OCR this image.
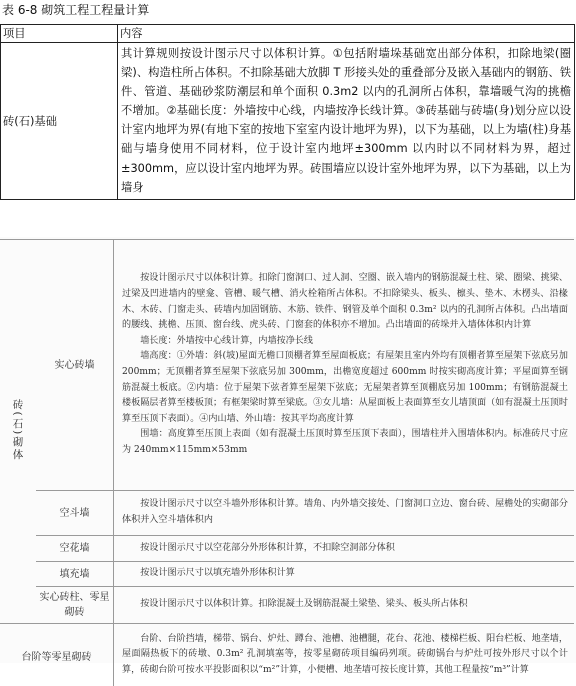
表 6-8 砌筑工程工程量计算
项目	内容
砖(石)基础	其计算规则按设计图示尺寸以体积计算。①包括附墙垛基础宽出部分体积，扣除地梁(圈梁)、构造柱所占体积。不扣除基础大放脚 T 形接头处的重叠部分及嵌入基础内的钢筋、铁件、管道、基础砂浆防潮层和单个面积 0.3m2 以内的孔洞所占体积，靠墙暖气沟的挑檐不增加。②基础长度：外墙按中心线，内墙按净长线计算。③砖基础与砖墙(身)划分应以设计室内地坪为界(有地下室的按地下室室内设计地坪为界)，以下为基础，以上为墙(柱)身基础与墙身使用不同材料，位于设计室内地坪±300mm 以内时以不同材料为界，超过±300mm，应以设计室内地坪为界。砖围墙应以设计室外地坪为界，以下为基础，以上为墙身
砖(石)砌体	实心砖墙	按设计图示尺寸以体积计算。扣除门窗洞口、过人洞、空圈、嵌入墙内的钢筋混凝土柱、梁、圈梁、挑梁、过梁及凹进墙内的壁龛、管槽、暖气槽、消火栓箱所占体积。不扣除梁头、板头、檩头、垫木、木楞头、沿椽木、木砖、门窗走头、砖墙内加固钢筋、木筋、铁件、钢管及单个面积 0.3m² 以内的孔洞所占体积。凸出墙面的腰线、挑檐、压顶、窗台线、虎头砖、门窗套的体积亦不增加。凸出墙面的砖垛并入墙体体积内计算

墙长度：外墙按中心线计算，内墙按净长线

墙高度：①外墙：斜(坡)屋面无檐口顶棚者算至屋面板底；有屋架且室内外均有顶棚者算至屋架下弦底另加 200mm；无顶棚者算至屋架下弦底另加 300mm，出檐宽度超过 600mm 时按实砌高度计算；平屋面算至钢筋混凝土板底。②内墙：位于屋架下弦者算至屋架下弦底；无屋架者算至顶棚底另加 100mm；有钢筋混凝土楼板隔层者算至楼板顶；有框架梁时算至梁底。③女儿墙：从屋面板上表面算至女儿墙顶面（如有混凝土压顶时算至压顶下表面）。④内山墙、外山墙：按其平均高度计算

围墙：高度算至压顶上表面（如有混凝土压顶时算至压顶下表面），围墙柱并入围墙体积内。标准砖尺寸应为 240mm×115mm×53mm

	空斗墙	按设计图示尺寸以空斗墙外形体积计算。墙角、内外墙交接处、门窗洞口立边、窗台砖、屋檐处的实砌部分体积并入空斗墙体积内

	空花墙	按设计图示尺寸以空花部分外形体积计算，不扣除空洞部分体积

	填充墙	按设计图示尺寸以填充墙外形体积计算

	实心砖柱、零星砌砖	按设计图示尺寸以体积计算。扣除混凝土及钢筋混凝土梁垫、梁头、板头所占体积

台阶等零星砌砖		台阶、台阶挡墙，梯带、锅台、炉灶、蹲台、池槽、池槽腿，花台、花池、楼梯栏板、阳台栏板、地垄墙，屋面隔热板下的砖墩、0.3m² 孔洞填塞等，按零星砌砖项目编码列项。砖砌锅台与炉灶可按外形尺寸以个计算，砖砌台阶可按水平投影面积以“m²”计算，小便槽、地垄墙可按长度计算，其他工程量按“m³”计算
